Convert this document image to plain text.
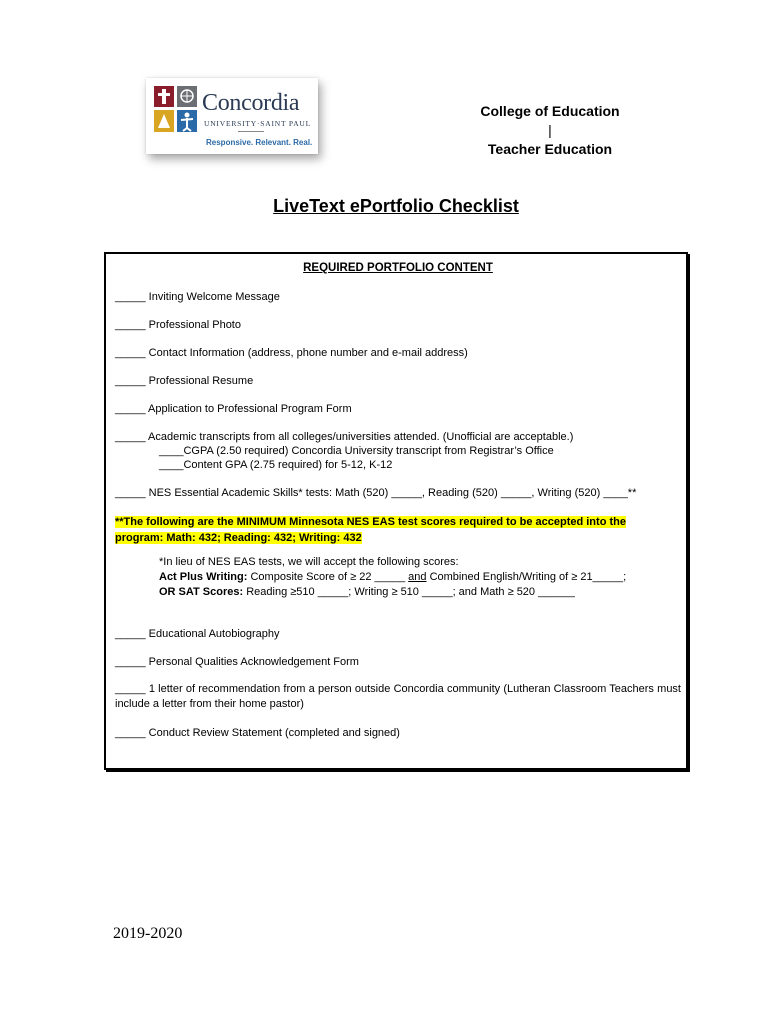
Concordia
UNIVERSITY·SAINT PAUL
Responsive. Relevant. Real.
College of Education
|
Teacher Education
LiveText ePortfolio Checklist
REQUIRED PORTFOLIO CONTENT
_____ Inviting Welcome Message
_____ Professional Photo
_____ Contact Information (address, phone number and e-mail address)
_____ Professional Resume
_____ Application to Professional Program Form
_____ Academic transcripts from all colleges/universities attended. (Unofficial are acceptable.)
____CGPA (2.50 required) Concordia University transcript from Registrar’s Office
____Content GPA (2.75 required) for 5-12, K-12
_____ NES Essential Academic Skills* tests: Math (520) _____, Reading (520) _____, Writing (520) ____**
**The following are the MINIMUM Minnesota NES EAS test scores required to be accepted into the
program: Math: 432; Reading: 432; Writing: 432
*In lieu of NES EAS tests, we will accept the following scores:
Act Plus Writing: Composite Score of ≥ 22 _____ and Combined English/Writing of ≥ 21_____;
OR SAT Scores: Reading ≥510 _____; Writing ≥ 510 _____; and Math ≥ 520 ______
_____ Educational Autobiography
_____ Personal Qualities Acknowledgement Form
_____ 1 letter of recommendation from a person outside Concordia community (Lutheran Classroom Teachers must include a letter from their home pastor)
_____ Conduct Review Statement (completed and signed)
2019-2020
